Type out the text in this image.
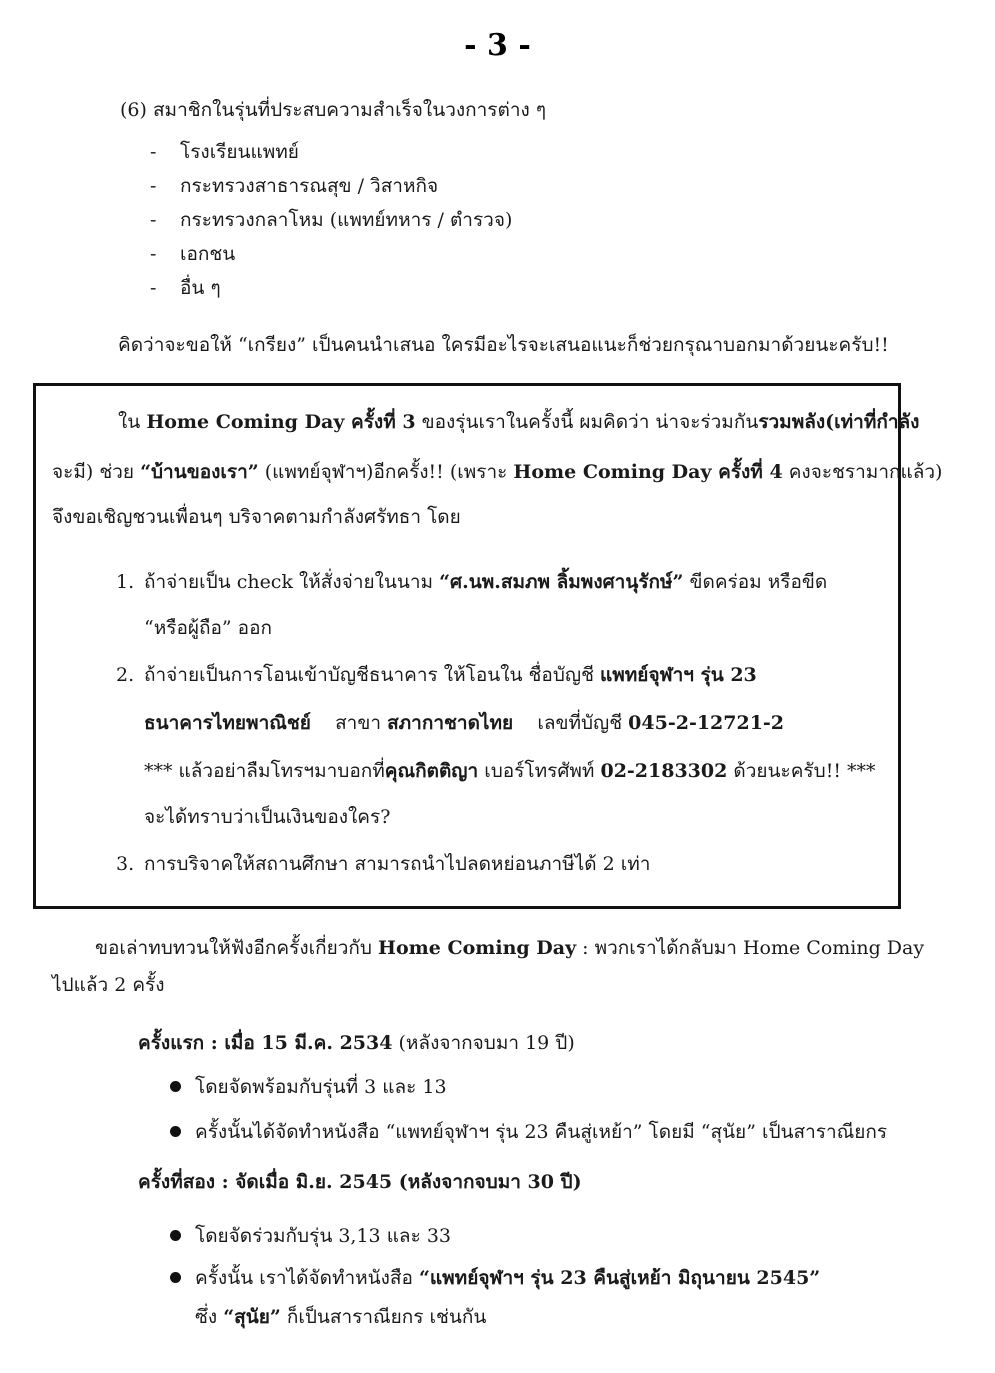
- 3 -
(6) สมาชิกในรุ่นที่ประสบความสำเร็จในวงการต่าง ๆ
- โรงเรียนแพทย์
- กระทรวงสาธารณสุข / วิสาหกิจ
- กระทรวงกลาโหม (แพทย์ทหาร / ตำรวจ)
- เอกชน
- อื่น ๆ
คิดว่าจะขอให้ “เกรียง” เป็นคนนำเสนอ ใครมีอะไรจะเสนอแนะก็ช่วยกรุณาบอกมาด้วยนะครับ!!
ใน Home Coming Day ครั้งที่ 3 ของรุ่นเราในครั้งนี้ ผมคิดว่า น่าจะร่วมกันรวมพลัง(เท่าที่กำลัง
จะมี) ช่วย “บ้านของเรา” (แพทย์จุฬาฯ)อีกครั้ง!! (เพราะ Home Coming Day ครั้งที่ 4 คงจะชรามากแล้ว)
จึงขอเชิญชวนเพื่อนๆ บริจาคตามกำลังศรัทธา โดย
1. ถ้าจ่ายเป็น check ให้สั่งจ่ายในนาม “ศ.นพ.สมภพ ลิ้มพงศานุรักษ์” ขีดคร่อม หรือขีด
“หรือผู้ถือ” ออก
2. ถ้าจ่ายเป็นการโอนเข้าบัญชีธนาคาร ให้โอนใน ชื่อบัญชี แพทย์จุฬาฯ รุ่น 23
ธนาคารไทยพาณิชย์ สาขา สภากาชาดไทย เลขที่บัญชี 045-2-12721-2
*** แล้วอย่าลืมโทรฯมาบอกที่คุณกิตติญา เบอร์โทรศัพท์ 02-2183302 ด้วยนะครับ!! ***
จะได้ทราบว่าเป็นเงินของใคร?
3. การบริจาคให้สถานศึกษา สามารถนำไปลดหย่อนภาษีได้ 2 เท่า
ขอเล่าทบทวนให้ฟังอีกครั้งเกี่ยวกับ Home Coming Day : พวกเราได้กลับมา Home Coming Day
ไปแล้ว 2 ครั้ง
ครั้งแรก : เมื่อ 15 มี.ค. 2534 (หลังจากจบมา 19 ปี)
โดยจัดพร้อมกับรุ่นที่ 3 และ 13
ครั้งนั้นได้จัดทำหนังสือ “แพทย์จุฬาฯ รุ่น 23 คืนสู่เหย้า” โดยมี “สุนัย” เป็นสาราณียกร
ครั้งที่สอง : จัดเมื่อ มิ.ย. 2545 (หลังจากจบมา 30 ปี)
โดยจัดร่วมกับรุ่น 3,13 และ 33
ครั้งนั้น เราได้จัดทำหนังสือ “แพทย์จุฬาฯ รุ่น 23 คืนสู่เหย้า มิถุนายน 2545”
ซึ่ง “สุนัย” ก็เป็นสาราณียกร เช่นกัน
